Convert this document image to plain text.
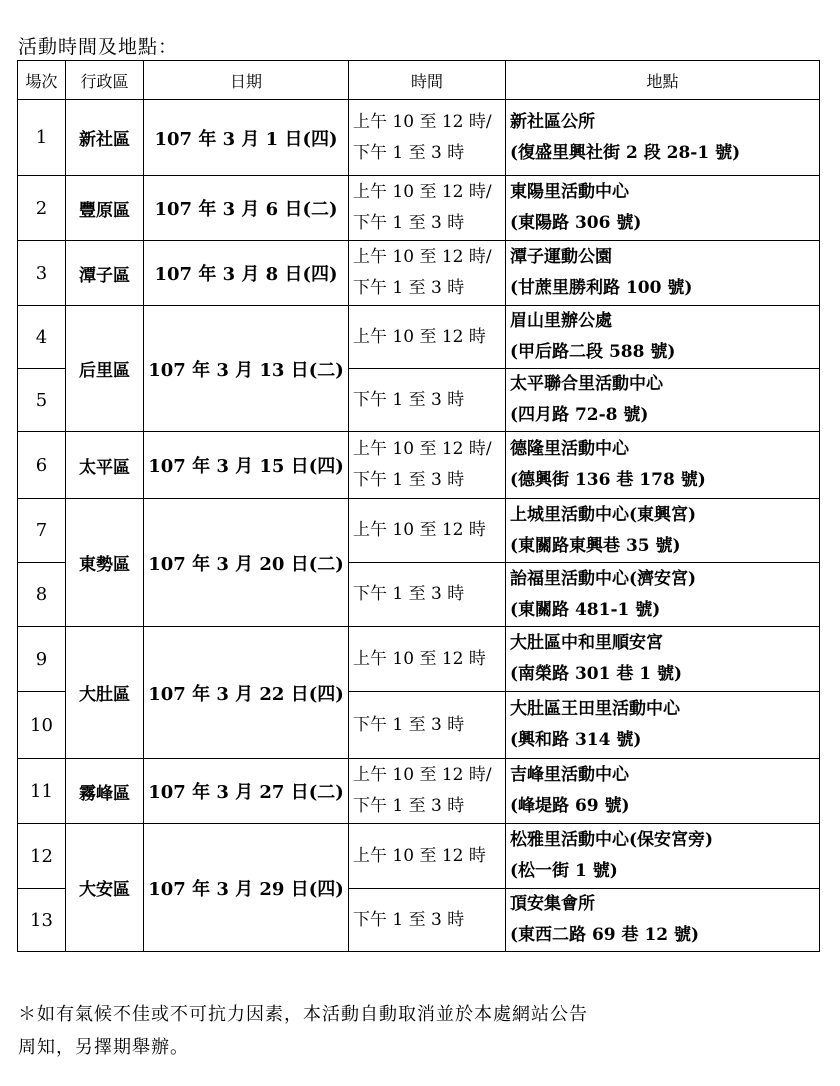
活動時間及地點：
場次	行政區	日期	時間	地點
1	新社區	107 年 3 月 1 日(四)	上午 10 至 12 時/
下午 1 至 3 時	新社區公所
(復盛里興社街 2 段 28-1 號)

2	豐原區	107 年 3 月 6 日(二)	上午 10 至 12 時/
下午 1 至 3 時	東陽里活動中心
(東陽路 306 號)

3	潭子區	107 年 3 月 8 日(四)	上午 10 至 12 時/
下午 1 至 3 時	潭子運動公園
(甘蔗里勝利路 100 號)

4	后里區	107 年 3 月 13 日(二)	上午 10 至 12 時	眉山里辦公處
(甲后路二段 588 號)

5			下午 1 至 3 時	太平聯合里活動中心
(四月路 72-8 號)

6	太平區	107 年 3 月 15 日(四)	上午 10 至 12 時/
下午 1 至 3 時	德隆里活動中心
(德興街 136 巷 178 號)

7	東勢區	107 年 3 月 20 日(二)	上午 10 至 12 時	上城里活動中心(東興宮)
(東關路東興巷 35 號)

8			下午 1 至 3 時	詒福里活動中心(濟安宮)
(東關路 481-1 號)

9	大肚區	107 年 3 月 22 日(四)	上午 10 至 12 時	大肚區中和里順安宮
(南榮路 301 巷 1 號)

10			下午 1 至 3 時	大肚區王田里活動中心
(興和路 314 號)

11	霧峰區	107 年 3 月 27 日(二)	上午 10 至 12 時/
下午 1 至 3 時	吉峰里活動中心
(峰堤路 69 號)

12	大安區	107 年 3 月 29 日(四)	上午 10 至 12 時	松雅里活動中心(保安宮旁)
(松一街 1 號)

13			下午 1 至 3 時	頂安集會所
(東西二路 69 巷 12 號)
＊如有氣候不佳或不可抗力因素，本活動自動取消並於本處網站公告
周知，另擇期舉辦。
